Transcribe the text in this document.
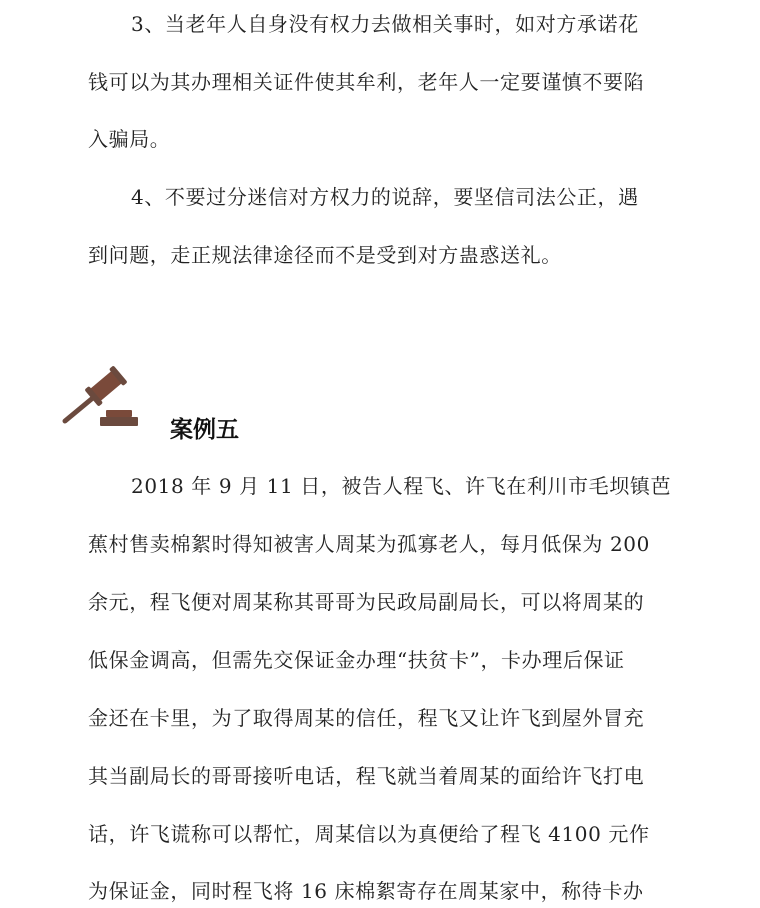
3、当老年人自身没有权力去做相关事时，如对方承诺花
钱可以为其办理相关证件使其牟利，老年人一定要谨慎不要陷
入骗局。
4、不要过分迷信对方权力的说辞，要坚信司法公正，遇
到问题，走正规法律途径而不是受到对方蛊惑送礼。
案例五
2018 年 9 月 11 日，被告人程飞、许飞在利川市毛坝镇芭
蕉村售卖棉絮时得知被害人周某为孤寡老人，每月低保为 200
余元，程飞便对周某称其哥哥为民政局副局长，可以将周某的
低保金调高，但需先交保证金办理“扶贫卡”，卡办理后保证
金还在卡里，为了取得周某的信任，程飞又让许飞到屋外冒充
其当副局长的哥哥接听电话，程飞就当着周某的面给许飞打电
话，许飞谎称可以帮忙，周某信以为真便给了程飞 4100 元作
为保证金，同时程飞将 16 床棉絮寄存在周某家中，称待卡办
